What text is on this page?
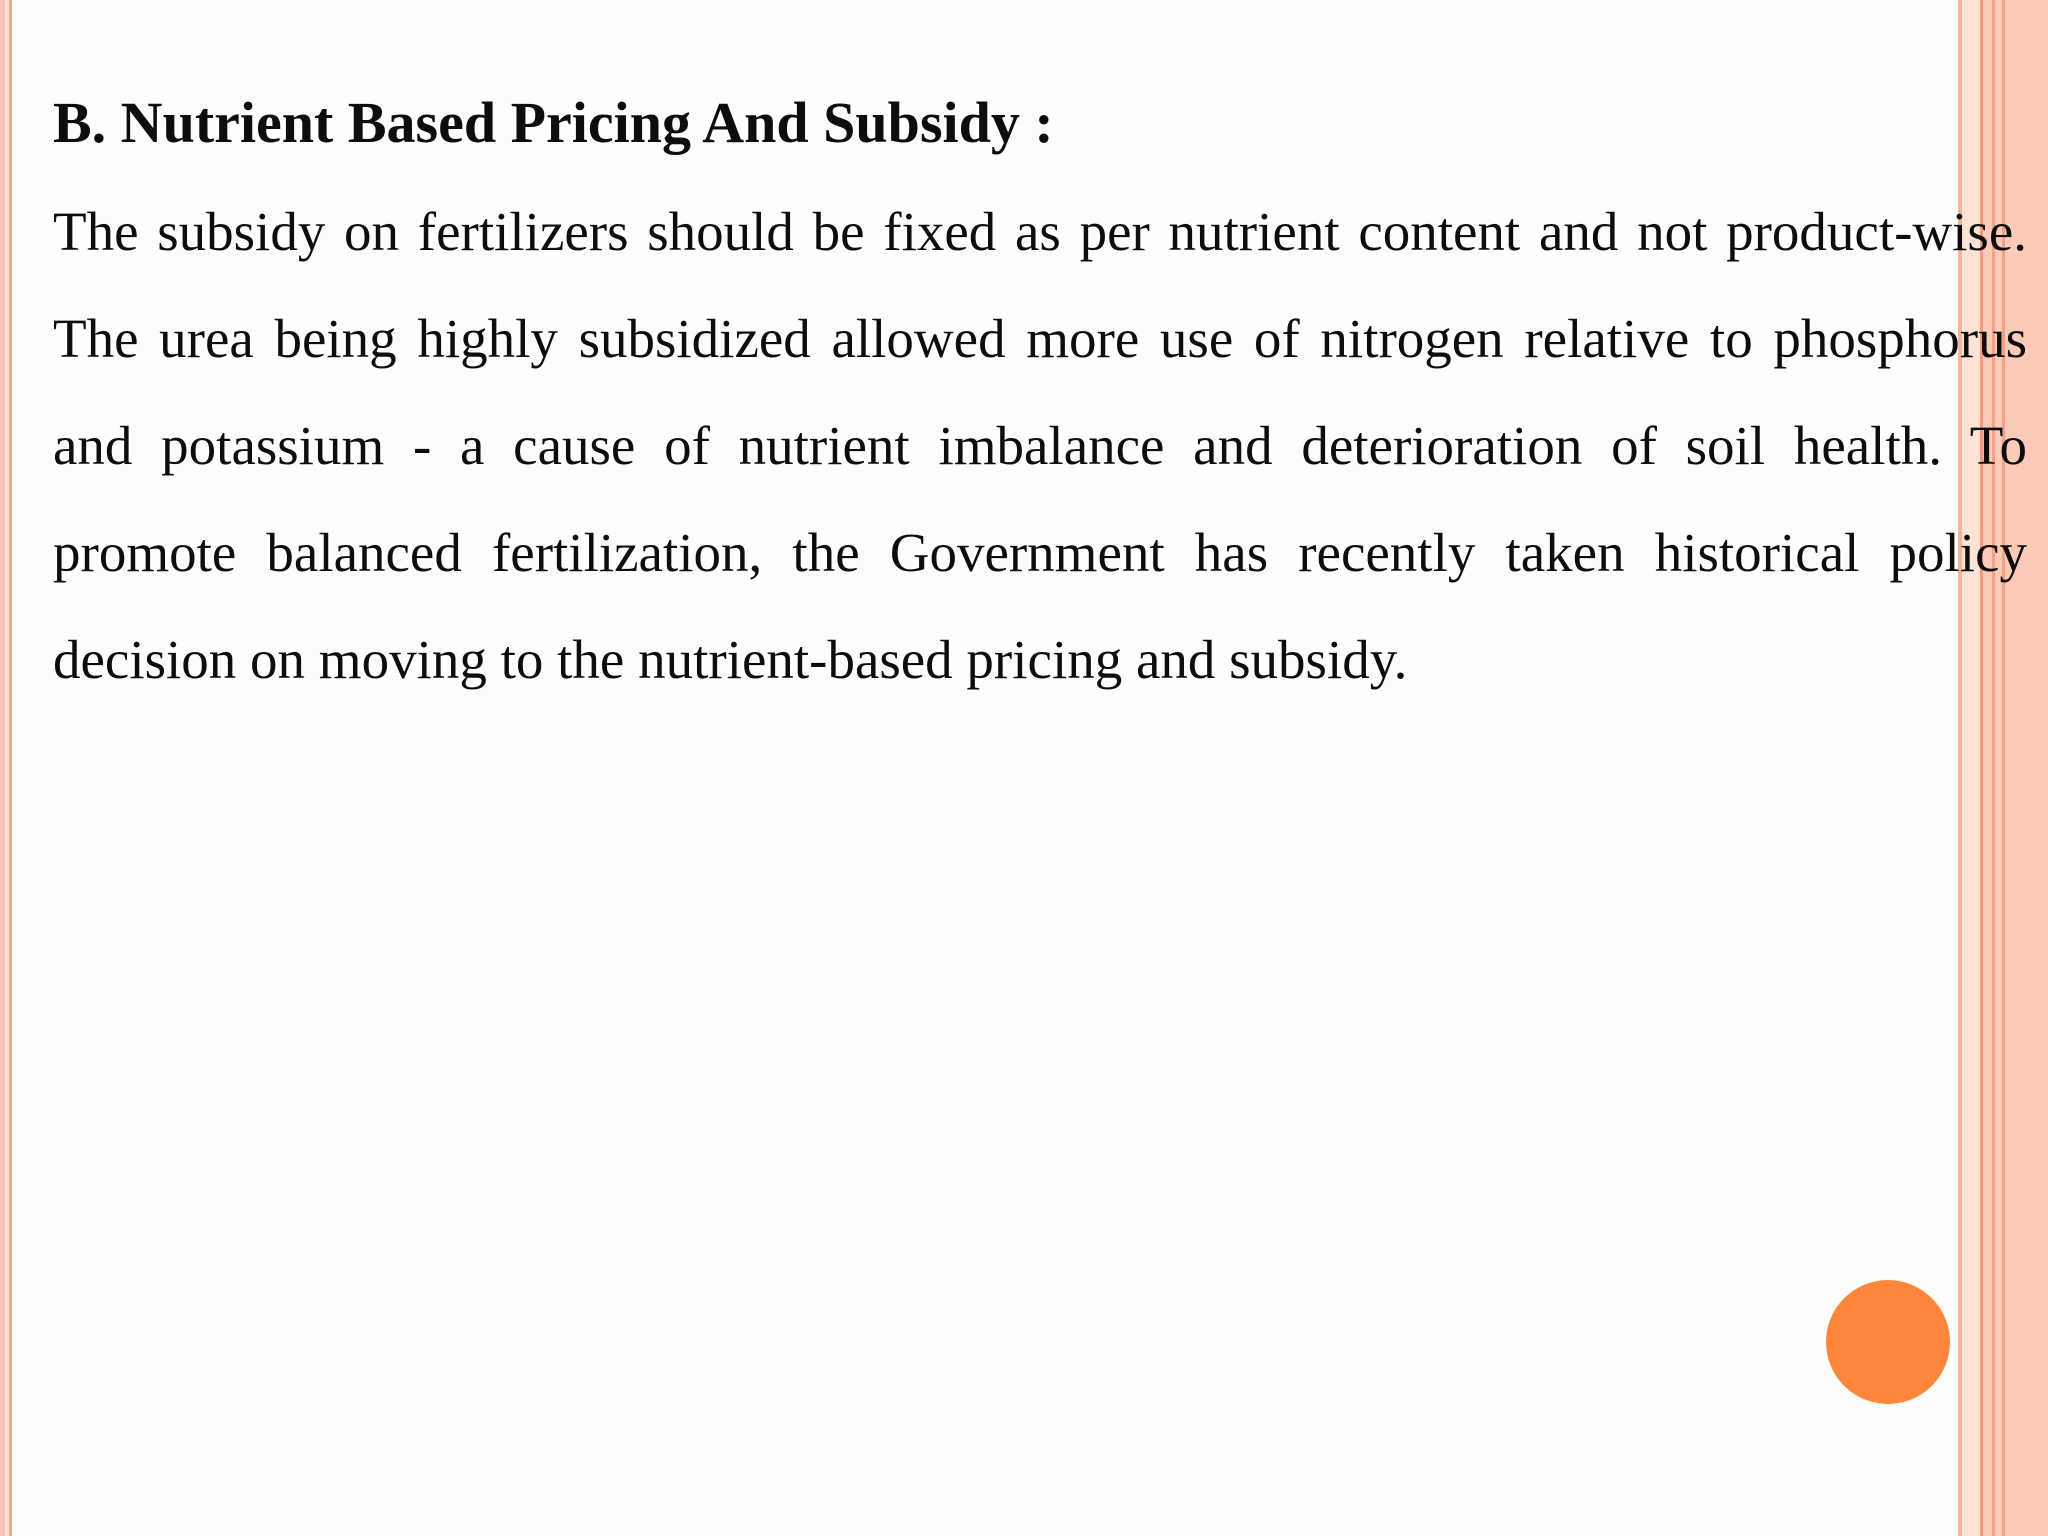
B. Nutrient Based Pricing And Subsidy :

The subsidy on fertilizers should be fixed as per nutrient content and not product-wise. The urea being highly subsidized allowed more use of nitrogen relative to phosphorus and potassium - a cause of nutrient imbalance and deterioration of soil health. To promote balanced fertilization, the Government has recently taken historical policy decision on moving to the nutrient-based pricing and subsidy.
